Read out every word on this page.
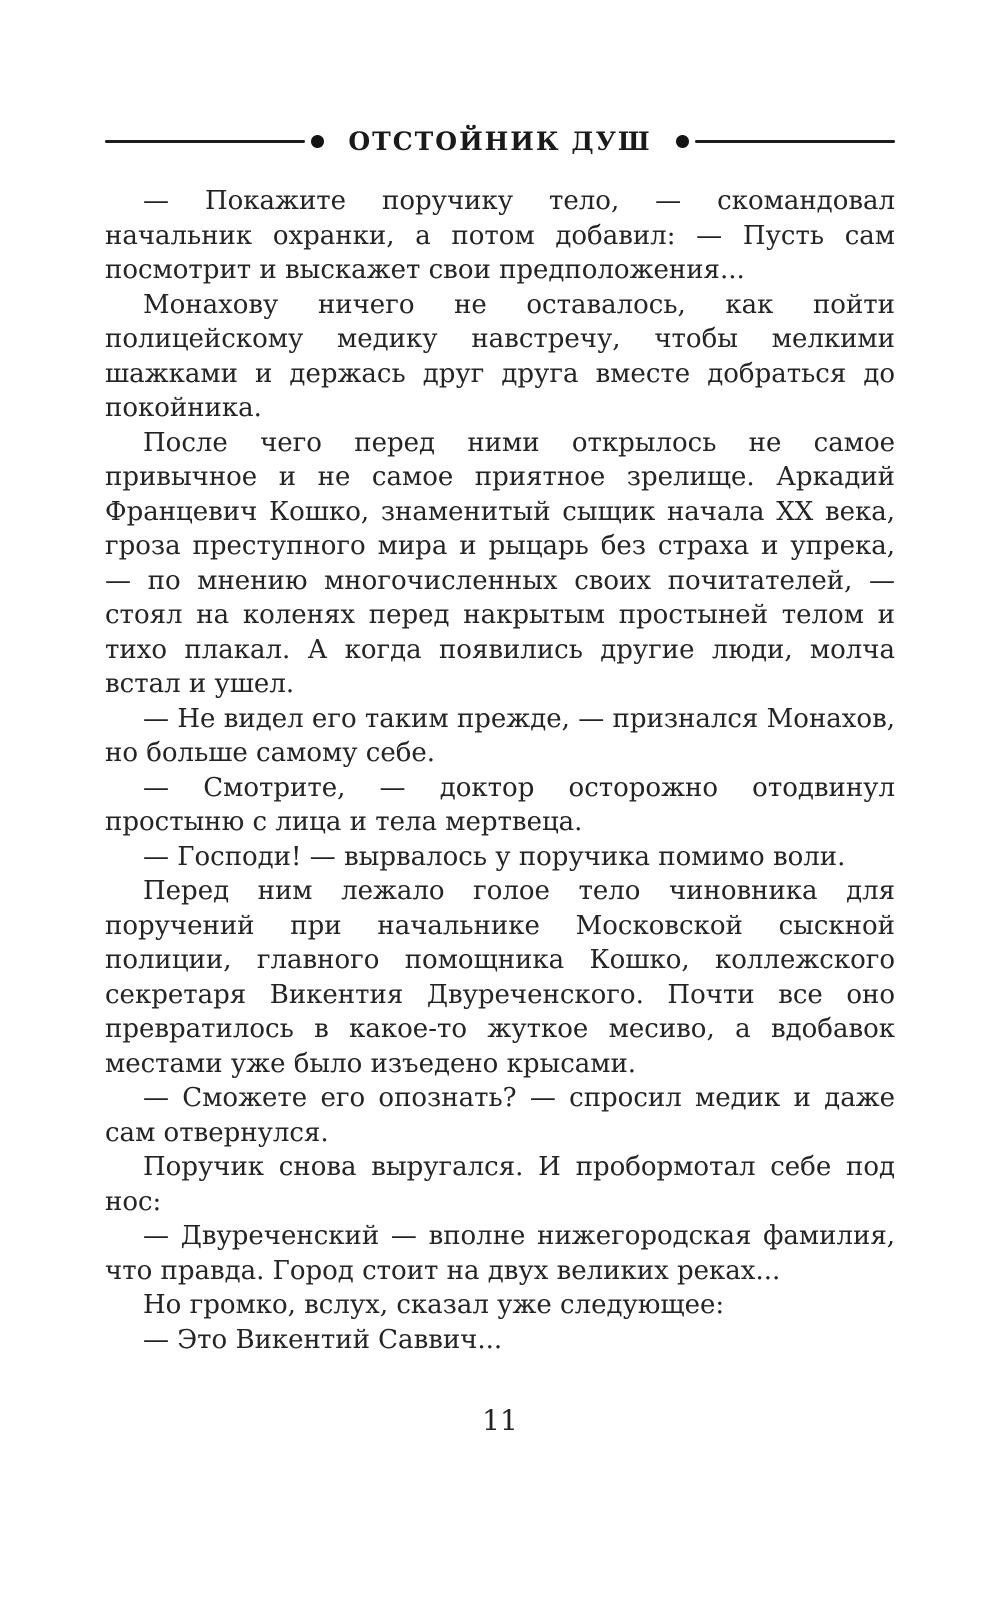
ОТСТОЙНИК ДУШ

— Покажите поручику тело, — скомандовал начальник охранки, а потом добавил: — Пусть сам посмотрит и выскажет свои предположения...

Монахову ничего не оставалось, как пойти полицейскому медику навстречу, чтобы мелкими шажками и держась друг друга вместе добраться до покойника.

После чего перед ними открылось не самое привычное и не самое приятное зрелище. Аркадий Францевич Кошко, знаменитый сыщик начала XX века, гроза преступного мира и рыцарь без страха и упрека, — по мнению многочисленных своих почитателей, — стоял на коленях перед накрытым простыней телом и тихо плакал. А когда появились другие люди, молча встал и ушел.

— Не видел его таким прежде, — признался Монахов, но больше самому себе.

— Смотрите, — доктор осторожно отодвинул простыню с лица и тела мертвеца.

— Господи! — вырвалось у поручика помимо воли.

Перед ним лежало голое тело чиновника для поручений при начальнике Московской сыскной полиции, главного помощника Кошко, коллежского секретаря Викентия Двуреченского. Почти все оно превратилось в какое-то жуткое месиво, а вдобавок местами уже было изъедено крысами.

— Сможете его опознать? — спросил медик и даже сам отвернулся.

Поручик снова выругался. И пробормотал себе под нос:

— Двуреченский — вполне нижегородская фамилия, что правда. Город стоит на двух великих реках...

Но громко, вслух, сказал уже следующее:

— Это Викентий Саввич...

11
